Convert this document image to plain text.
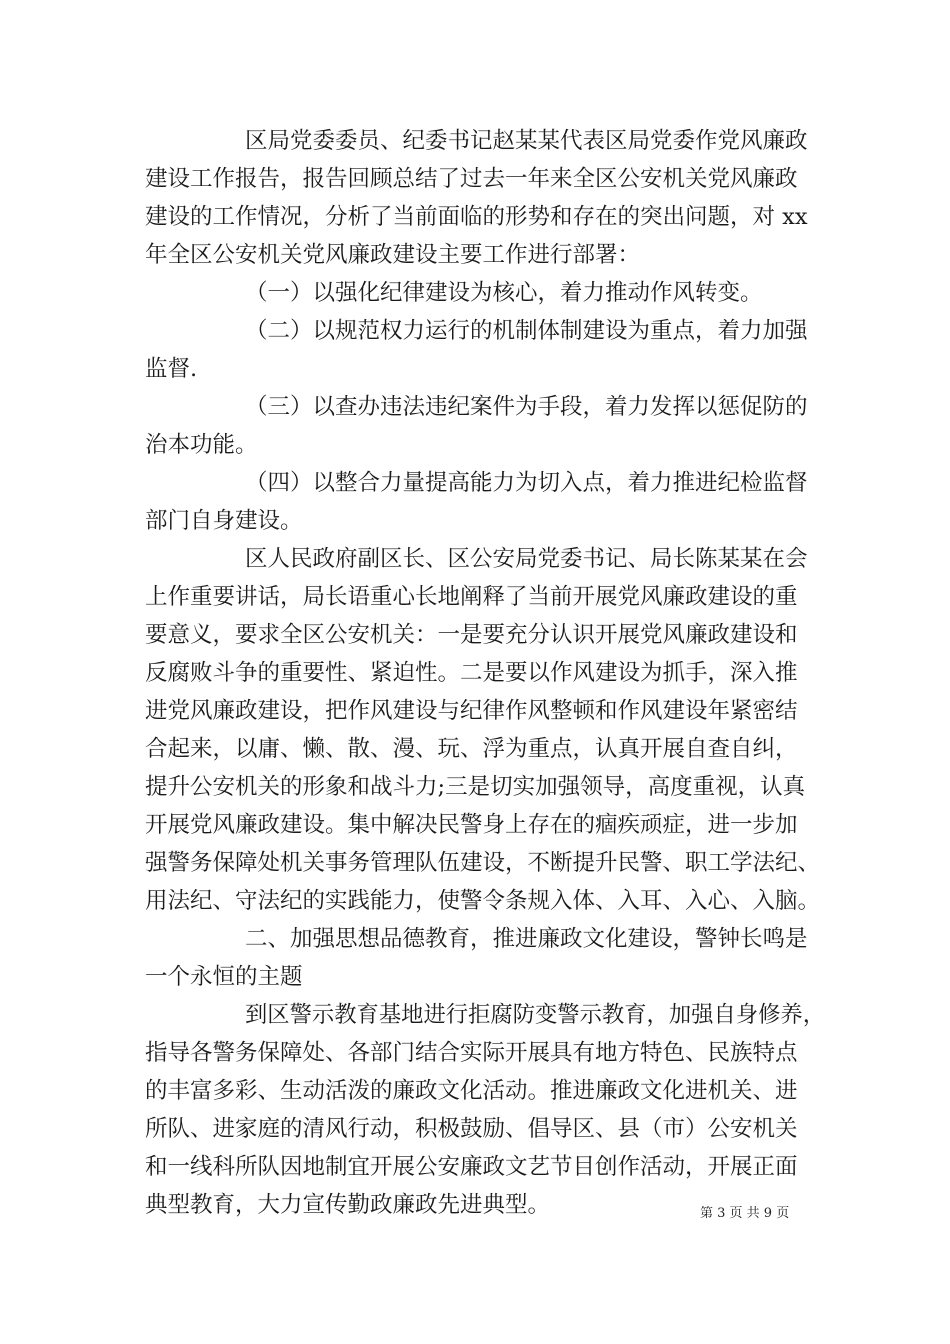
区局党委委员、纪委书记赵某某代表区局党委作党风廉政
建设工作报告，报告回顾总结了过去一年来全区公安机关党风廉政
建设的工作情况，分析了当前面临的形势和存在的突出问题，对 xx
年全区公安机关党风廉政建设主要工作进行部署：
（一）以强化纪律建设为核心，着力推动作风转变。
（二）以规范权力运行的机制体制建设为重点，着力加强
监督.
（三）以查办违法违纪案件为手段，着力发挥以惩促防的
治本功能。
（四）以整合力量提高能力为切入点，着力推进纪检监督
部门自身建设。
区人民政府副区长、区公安局党委书记、局长陈某某在会
上作重要讲话，局长语重心长地阐释了当前开展党风廉政建设的重
要意义，要求全区公安机关：一是要充分认识开展党风廉政建设和
反腐败斗争的重要性、紧迫性。二是要以作风建设为抓手，深入推
进党风廉政建设，把作风建设与纪律作风整顿和作风建设年紧密结
合起来，以庸、懒、散、漫、玩、浮为重点，认真开展自查自纠，
提升公安机关的形象和战斗力;三是切实加强领导，高度重视，认真
开展党风廉政建设。集中解决民警身上存在的痼疾顽症，进一步加
强警务保障处机关事务管理队伍建设，不断提升民警、职工学法纪、
用法纪、守法纪的实践能力，使警令条规入体、入耳、入心、入脑。
二、加强思想品德教育，推进廉政文化建设，警钟长鸣是
一个永恒的主题
到区警示教育基地进行拒腐防变警示教育，加强自身修养，
指导各警务保障处、各部门结合实际开展具有地方特色、民族特点
的丰富多彩、生动活泼的廉政文化活动。推进廉政文化进机关、进
所队、进家庭的清风行动，积极鼓励、倡导区、县（市）公安机关
和一线科所队因地制宜开展公安廉政文艺节目创作活动，开展正面
典型教育，大力宣传勤政廉政先进典型。	第 3 页 共 9 页
